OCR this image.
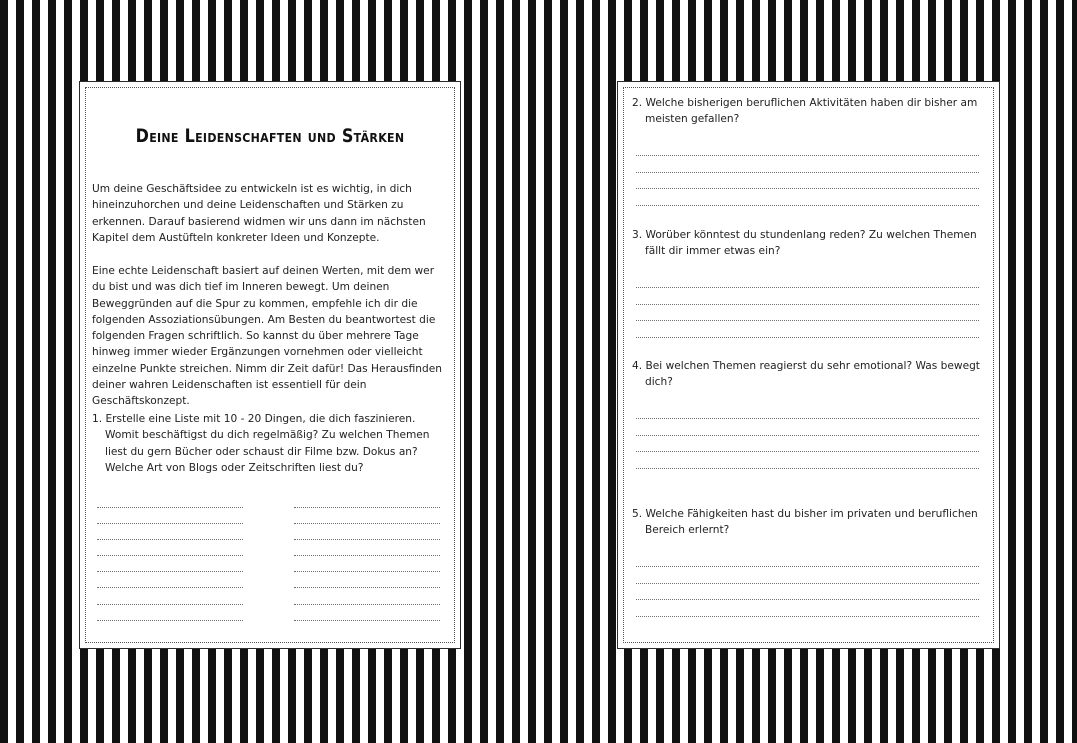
Deine Leidenschaften und Stärken
Um deine Geschäftsidee zu entwickeln ist es wichtig, in dich hineinzuhorchen und deine Leidenschaften und Stärken zu erkennen. Darauf basierend widmen wir uns dann im nächsten Kapitel dem Austüfteln konkreter Ideen und Konzepte.
Eine echte Leidenschaft basiert auf deinen Werten, mit dem wer du bist und was dich tief im Inneren bewegt. Um deinen Beweggründen auf die Spur zu kommen, empfehle ich dir die folgenden Assoziationsübungen. Am Besten du beantwortest die folgenden Fragen schriftlich. So kannst du über mehrere Tage hinweg immer wieder Ergänzungen vornehmen oder vielleicht einzelne Punkte streichen. Nimm dir Zeit dafür! Das Herausfinden deiner wahren Leidenschaften ist essentiell für dein Geschäftskonzept.
1. Erstelle eine Liste mit 10 - 20 Dingen, die dich faszinieren. Womit beschäftigst du dich regelmäßig? Zu welchen Themen liest du gern Bücher oder schaust dir Filme bzw. Dokus an? Welche Art von Blogs oder Zeitschriften liest du?
2. Welche bisherigen beruflichen Aktivitäten haben dir bisher am meisten gefallen?
3. Worüber könntest du stundenlang reden? Zu welchen Themen fällt dir immer etwas ein?
4. Bei welchen Themen reagierst du sehr emotional? Was bewegt dich?
5. Welche Fähigkeiten hast du bisher im privaten und beruflichen Bereich erlernt?
